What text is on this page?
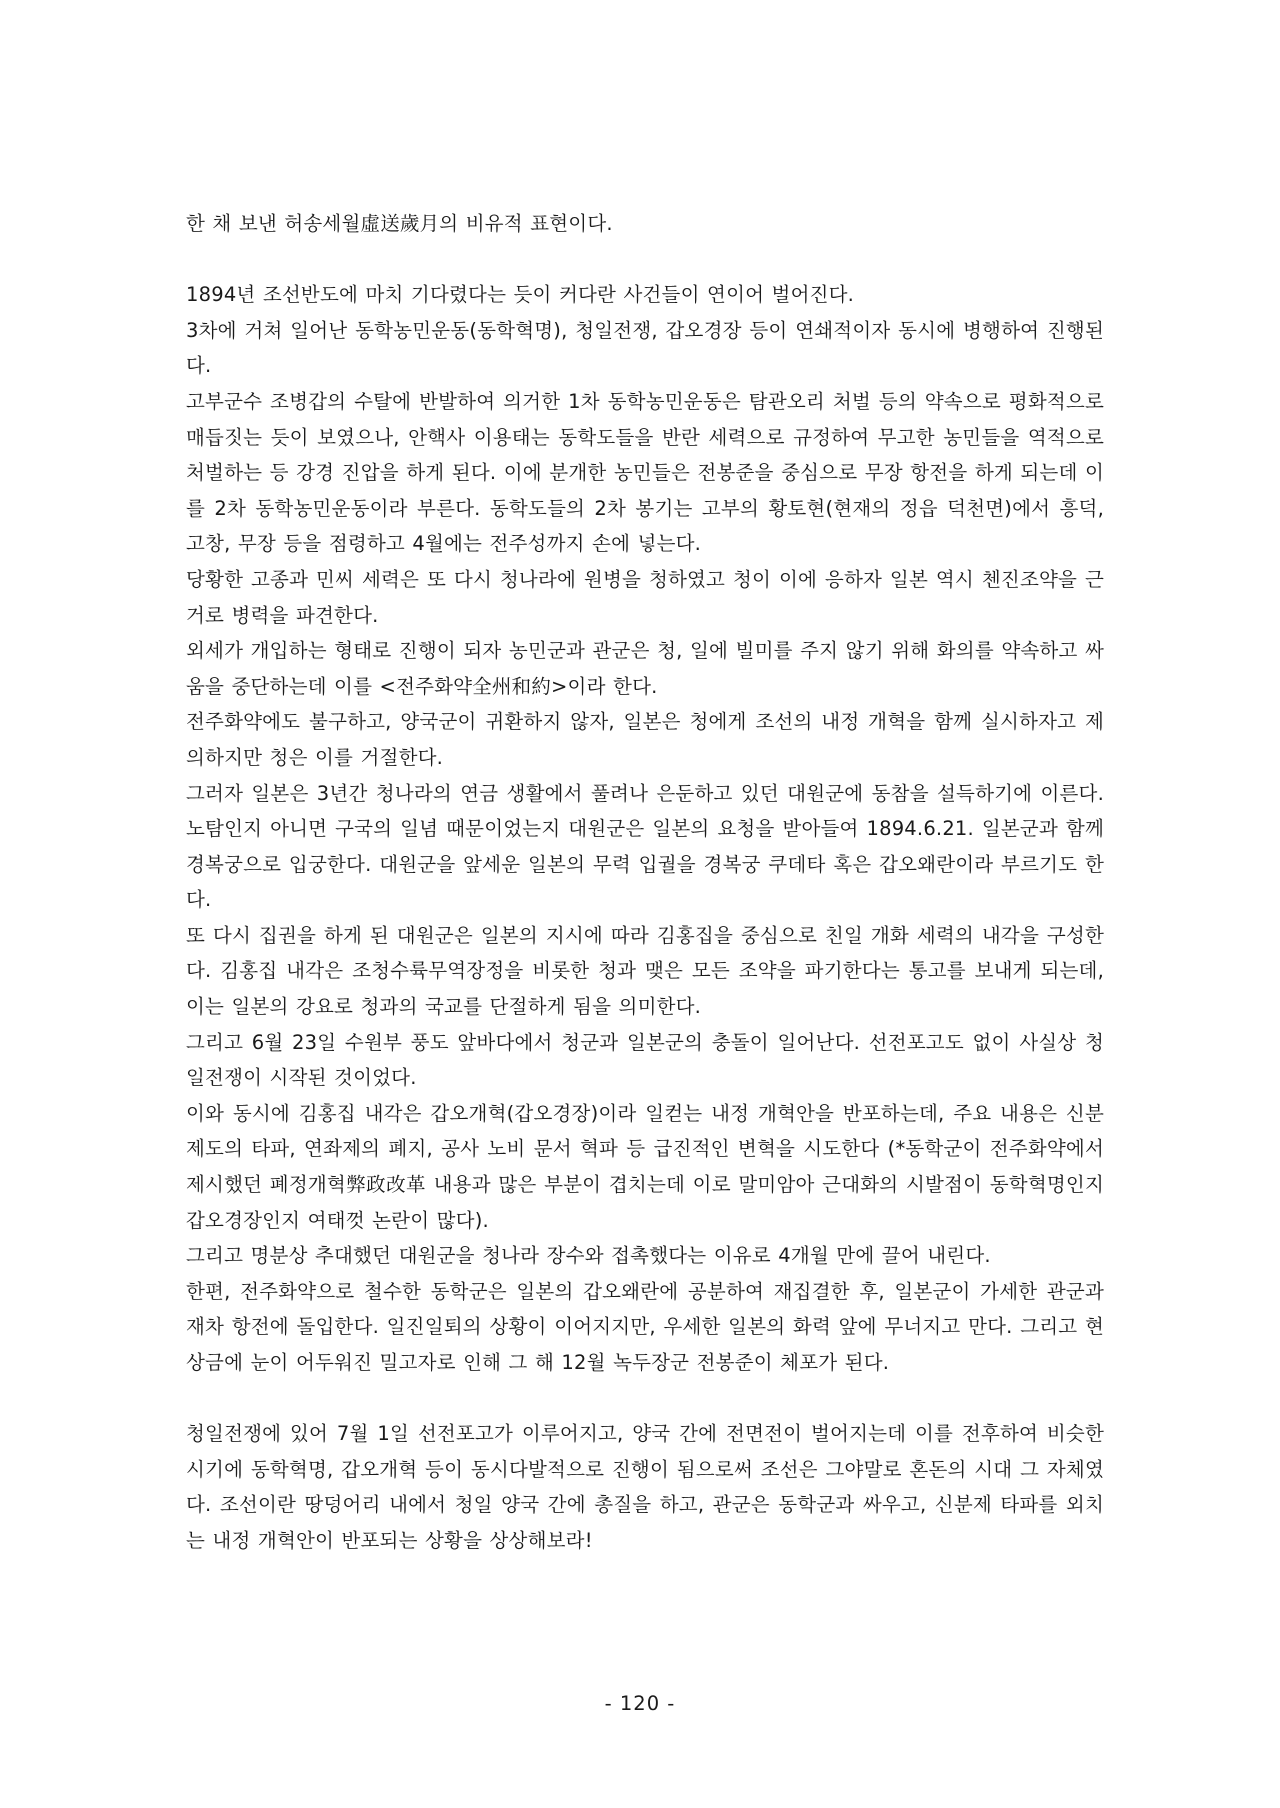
한 채 보낸 허송세월虛送歲月의 비유적 표현이다.

1894년 조선반도에 마치 기다렸다는 듯이 커다란 사건들이 연이어 벌어진다.

3차에 거쳐 일어난 동학농민운동(동학혁명), 청일전쟁, 갑오경장 등이 연쇄적이자 동시에 병행하여 진행된다.

고부군수 조병갑의 수탈에 반발하여 의거한 1차 동학농민운동은 탐관오리 처벌 등의 약속으로 평화적으로 매듭짓는 듯이 보였으나, 안핵사 이용태는 동학도들을 반란 세력으로 규정하여 무고한 농민들을 역적으로 처벌하는 등 강경 진압을 하게 된다. 이에 분개한 농민들은 전봉준을 중심으로 무장 항전을 하게 되는데 이를 2차 동학농민운동이라 부른다. 동학도들의 2차 봉기는 고부의 황토현(현재의 정읍 덕천면)에서 흥덕, 고창, 무장 등을 점령하고 4월에는 전주성까지 손에 넣는다.

당황한 고종과 민씨 세력은 또 다시 청나라에 원병을 청하였고 청이 이에 응하자 일본 역시 첸진조약을 근거로 병력을 파견한다.

외세가 개입하는 형태로 진행이 되자 농민군과 관군은 청, 일에 빌미를 주지 않기 위해 화의를 약속하고 싸움을 중단하는데 이를 <전주화약全州和約>이라 한다.

전주화약에도 불구하고, 양국군이 귀환하지 않자, 일본은 청에게 조선의 내정 개혁을 함께 실시하자고 제의하지만 청은 이를 거절한다.

그러자 일본은 3년간 청나라의 연금 생활에서 풀려나 은둔하고 있던 대원군에 동참을 설득하기에 이른다. 노탐인지 아니면 구국의 일념 때문이었는지 대원군은 일본의 요청을 받아들여 1894.6.21. 일본군과 함께 경복궁으로 입궁한다. 대원군을 앞세운 일본의 무력 입궐을 경복궁 쿠데타 혹은 갑오왜란이라 부르기도 한다.

또 다시 집권을 하게 된 대원군은 일본의 지시에 따라 김홍집을 중심으로 친일 개화 세력의 내각을 구성한다. 김홍집 내각은 조청수륙무역장정을 비롯한 청과 맺은 모든 조약을 파기한다는 통고를 보내게 되는데, 이는 일본의 강요로 청과의 국교를 단절하게 됨을 의미한다.

그리고 6월 23일 수원부 풍도 앞바다에서 청군과 일본군의 충돌이 일어난다. 선전포고도 없이 사실상 청일전쟁이 시작된 것이었다.

이와 동시에 김홍집 내각은 갑오개혁(갑오경장)이라 일컫는 내정 개혁안을 반포하는데, 주요 내용은 신분 제도의 타파, 연좌제의 폐지, 공사 노비 문서 혁파 등 급진적인 변혁을 시도한다 (*동학군이 전주화약에서 제시했던 폐정개혁弊政改革 내용과 많은 부분이 겹치는데 이로 말미암아 근대화의 시발점이 동학혁명인지 갑오경장인지 여태껏 논란이 많다).

그리고 명분상 추대했던 대원군을 청나라 장수와 접촉했다는 이유로 4개월 만에 끌어 내린다.

한편, 전주화약으로 철수한 동학군은 일본의 갑오왜란에 공분하여 재집결한 후, 일본군이 가세한 관군과 재차 항전에 돌입한다. 일진일퇴의 상황이 이어지지만, 우세한 일본의 화력 앞에 무너지고 만다. 그리고 현상금에 눈이 어두워진 밀고자로 인해 그 해 12월 녹두장군 전봉준이 체포가 된다.

청일전쟁에 있어 7월 1일 선전포고가 이루어지고, 양국 간에 전면전이 벌어지는데 이를 전후하여 비슷한 시기에 동학혁명, 갑오개혁 등이 동시다발적으로 진행이 됨으로써 조선은 그야말로 혼돈의 시대 그 자체였다. 조선이란 땅덩어리 내에서 청일 양국 간에 총질을 하고, 관군은 동학군과 싸우고, 신분제 타파를 외치는 내정 개혁안이 반포되는 상황을 상상해보라!

- 120 -
